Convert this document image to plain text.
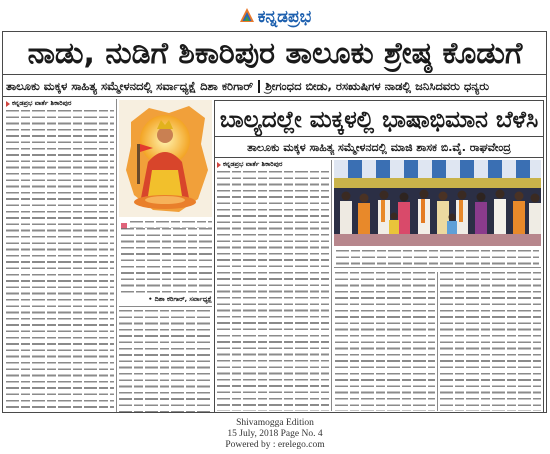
ಕನ್ನಡಪ್ರಭ
ನಾಡು, ನುಡಿಗೆ ಶಿಕಾರಿಪುರ ತಾಲೂಕು ಶ್ರೇಷ್ಠ ಕೊಡುಗೆ
ತಾಲೂಕು ಮಕ್ಕಳ ಸಾಹಿತ್ಯ ಸಮ್ಮೇಳನದಲ್ಲಿ ಸರ್ವಾಧ್ಯಕ್ಷೆ ದಿಶಾ ಕರಿಗಾರ್ ಶ್ರೀಗಂಧದ ಬೀಡು, ರಸಋಷಿಗಳ ನಾಡಲ್ಲಿ ಜನಿಸಿದವರು ಧನ್ಯರು
ಕನ್ನಡಪ್ರಭ ವಾರ್ತೆ ಶಿಕಾರಿಪುರ
• ದಿಶಾ ಕರಿಗಾರ್, ಸರ್ವಾಧ್ಯಕ್ಷೆ
ಬಾಲ್ಯದಲ್ಲೇ ಮಕ್ಕಳಲ್ಲಿ ಭಾಷಾಭಿಮಾನ ಬೆಳೆಸಿ
ತಾಲೂಕು ಮಕ್ಕಳ ಸಾಹಿತ್ಯ ಸಮ್ಮೇಳನದಲ್ಲಿ ಮಾಜಿ ಶಾಸಕ ಬಿ.ವೈ. ರಾಘವೇಂದ್ರ
ಕನ್ನಡಪ್ರಭ ವಾರ್ತೆ ಶಿಕಾರಿಪುರ
Shivamogga Edition
15 July, 2018 Page No. 4
Powered by : erelego.com
